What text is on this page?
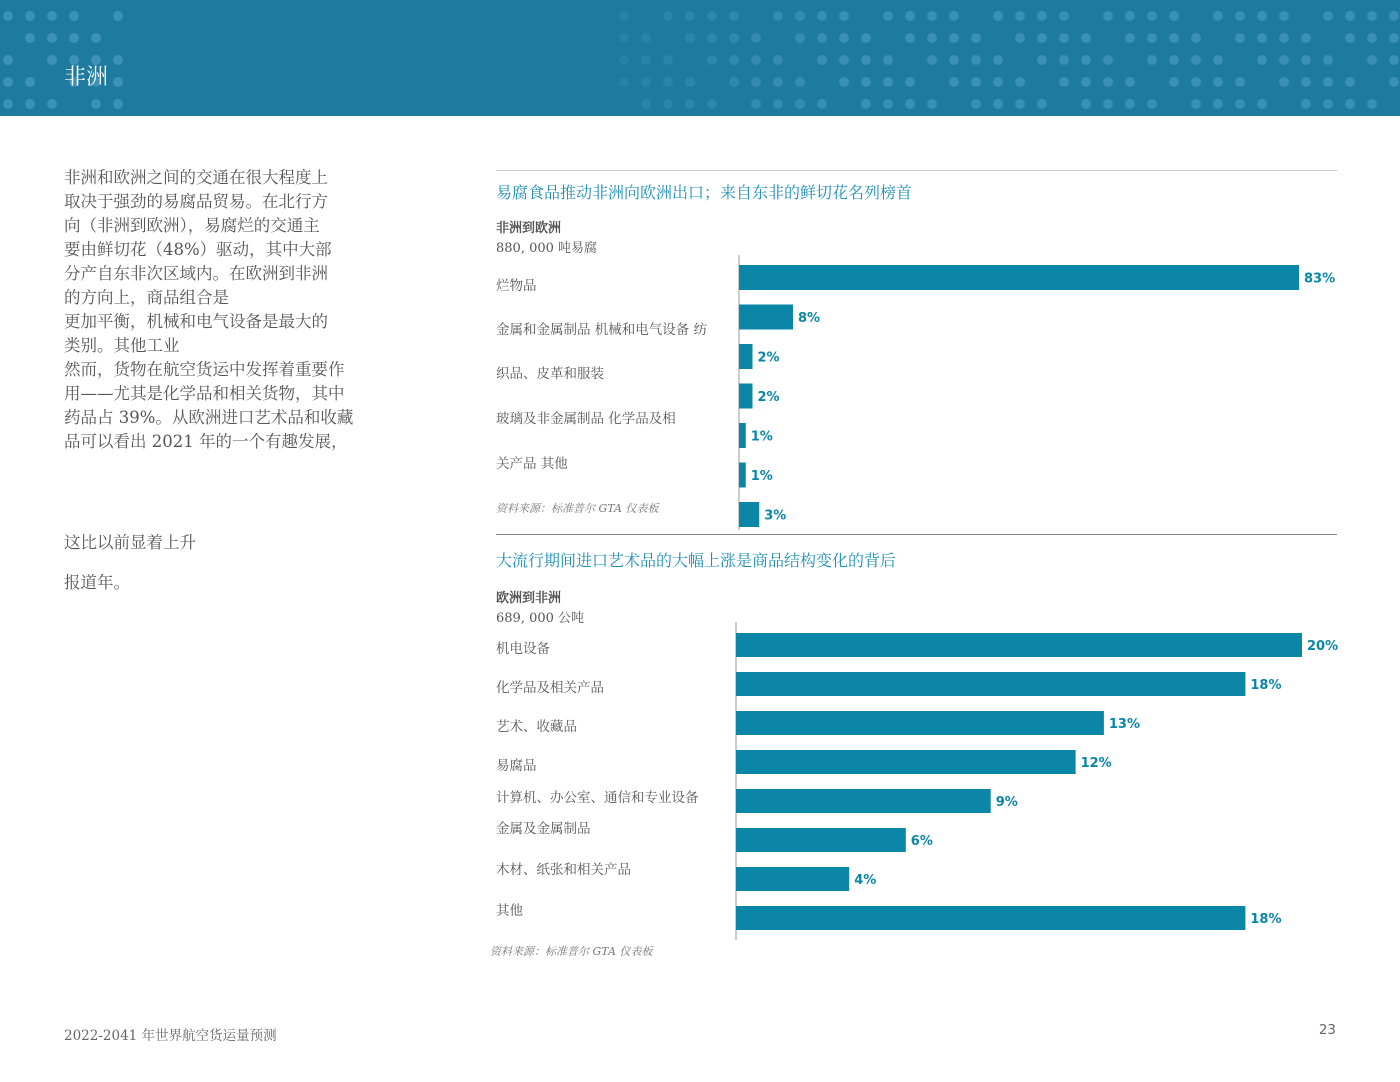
非洲

非洲和欧洲之间的交通在很大程度上

取决于强劲的易腐品贸易。在北行方

向（非洲到欧洲），易腐烂的交通主

要由鲜切花（48%）驱动，其中大部

分产自东非次区域内。在欧洲到非洲

的方向上，商品组合是

更加平衡，机械和电气设备是最大的

类别。其他工业

然而，货物在航空货运中发挥着重要作

用——尤其是化学品和相关货物，其中

药品占 39%。从欧洲进口艺术品和收藏

品可以看出 2021 年的一个有趣发展，

这比以前显着上升

报道年。

易腐食品推动非洲向欧洲出口；来自东非的鲜切花名列榜首
非洲到欧洲
880, 000 吨易腐
烂物品
金属和金属制品 机械和电气设备 纺
织品、皮革和服装
玻璃及非金属制品 化学品及相
关产品 其他
资料来源：标准普尔 GTA 仪表板
83%
8%
2%
2%
1%
1%
3%
大流行期间进口艺术品的大幅上涨是商品结构变化的背后
欧洲到非洲
689, 000 公吨
机电设备
化学品及相关产品
艺术、收藏品
易腐品
计算机、办公室、通信和专业设备
金属及金属制品
木材、纸张和相关产品
其他
20%
18%
13%
12%
9%
6%
4%
18%
资料来源：标准普尔 GTA 仪表板
2022-2041 年世界航空货运量预测	23
